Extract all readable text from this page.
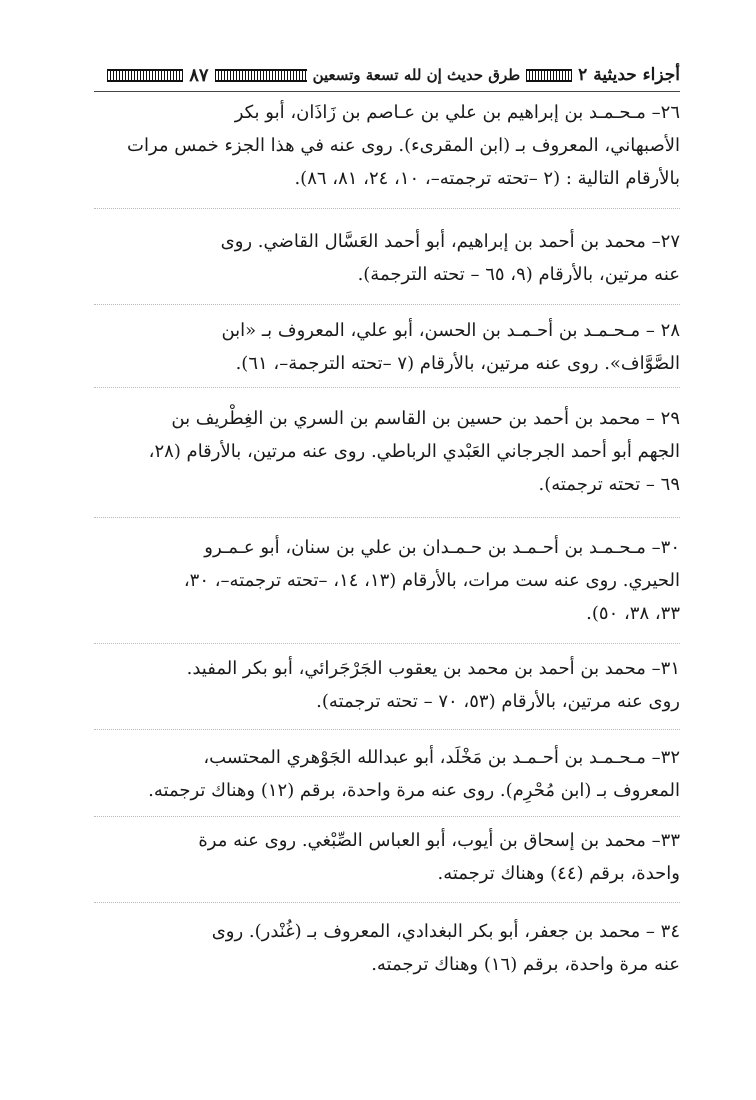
أجزاء حديثية ٢
طرق حديث إن لله تسعة وتسعين
٨٧

٢٦– مـحـمـد بن إبراهيم بن علي بن عـاصم بن زَاذَان، أبو بكر

الأصبهاني، المعروف بـ (ابن المقرىء). روى عنه في هذا الجزء خمس مرات

بالأرقام التالية : (٢ –تحته ترجمته–، ١٠، ٢٤، ٨١، ٨٦).

٢٧– محمد بن أحمد بن إبراهيم، أبو أحمد العَسَّال القاضي. روى

عنه مرتين، بالأرقام (٩، ٦٥ – تحته الترجمة).

٢٨ – مـحـمـد بن أحـمـد بن الحسن، أبو علي، المعروف بـ «ابن

الصَّوَّاف». روى عنه مرتين، بالأرقام (٧ –تحته الترجمة–، ٦١).

٢٩ – محمد بن أحمد بن حسين بن القاسم بن السري بن الغِطْريف بن

الجهم أبو أحمد الجرجاني العَبْدي الرباطي. روى عنه مرتين، بالأرقام (٢٨،

٦٩ – تحته ترجمته).

٣٠– مـحـمـد بن أحـمـد بن حـمـدان بن علي بن سنان، أبو عـمـرو

الحيري. روى عنه ست مرات، بالأرقام (١٣، ١٤، –تحته ترجمته–، ٣٠،

٣٣، ٣٨، ٥٠).

٣١– محمد بن أحمد بن محمد بن يعقوب الجَرْجَرائي، أبو بكر المفيد.

روى عنه مرتين، بالأرقام (٥٣، ٧٠ – تحته ترجمته).

٣٢– مـحـمـد بن أحـمـد بن مَخْلَد، أبو عبدالله الجَوْهري المحتسب،

المعروف بـ (ابن مُحْرِم). روى عنه مرة واحدة، برقم (١٢) وهناك ترجمته.

٣٣– محمد بن إسحاق بن أيوب، أبو العباس الصِّبْغي. روى عنه مرة

واحدة، برقم (٤٤) وهناك ترجمته.

٣٤ – محمد بن جعفر، أبو بكر البغدادي، المعروف بـ (غُنْدر). روى

عنه مرة واحدة، برقم (١٦) وهناك ترجمته.
